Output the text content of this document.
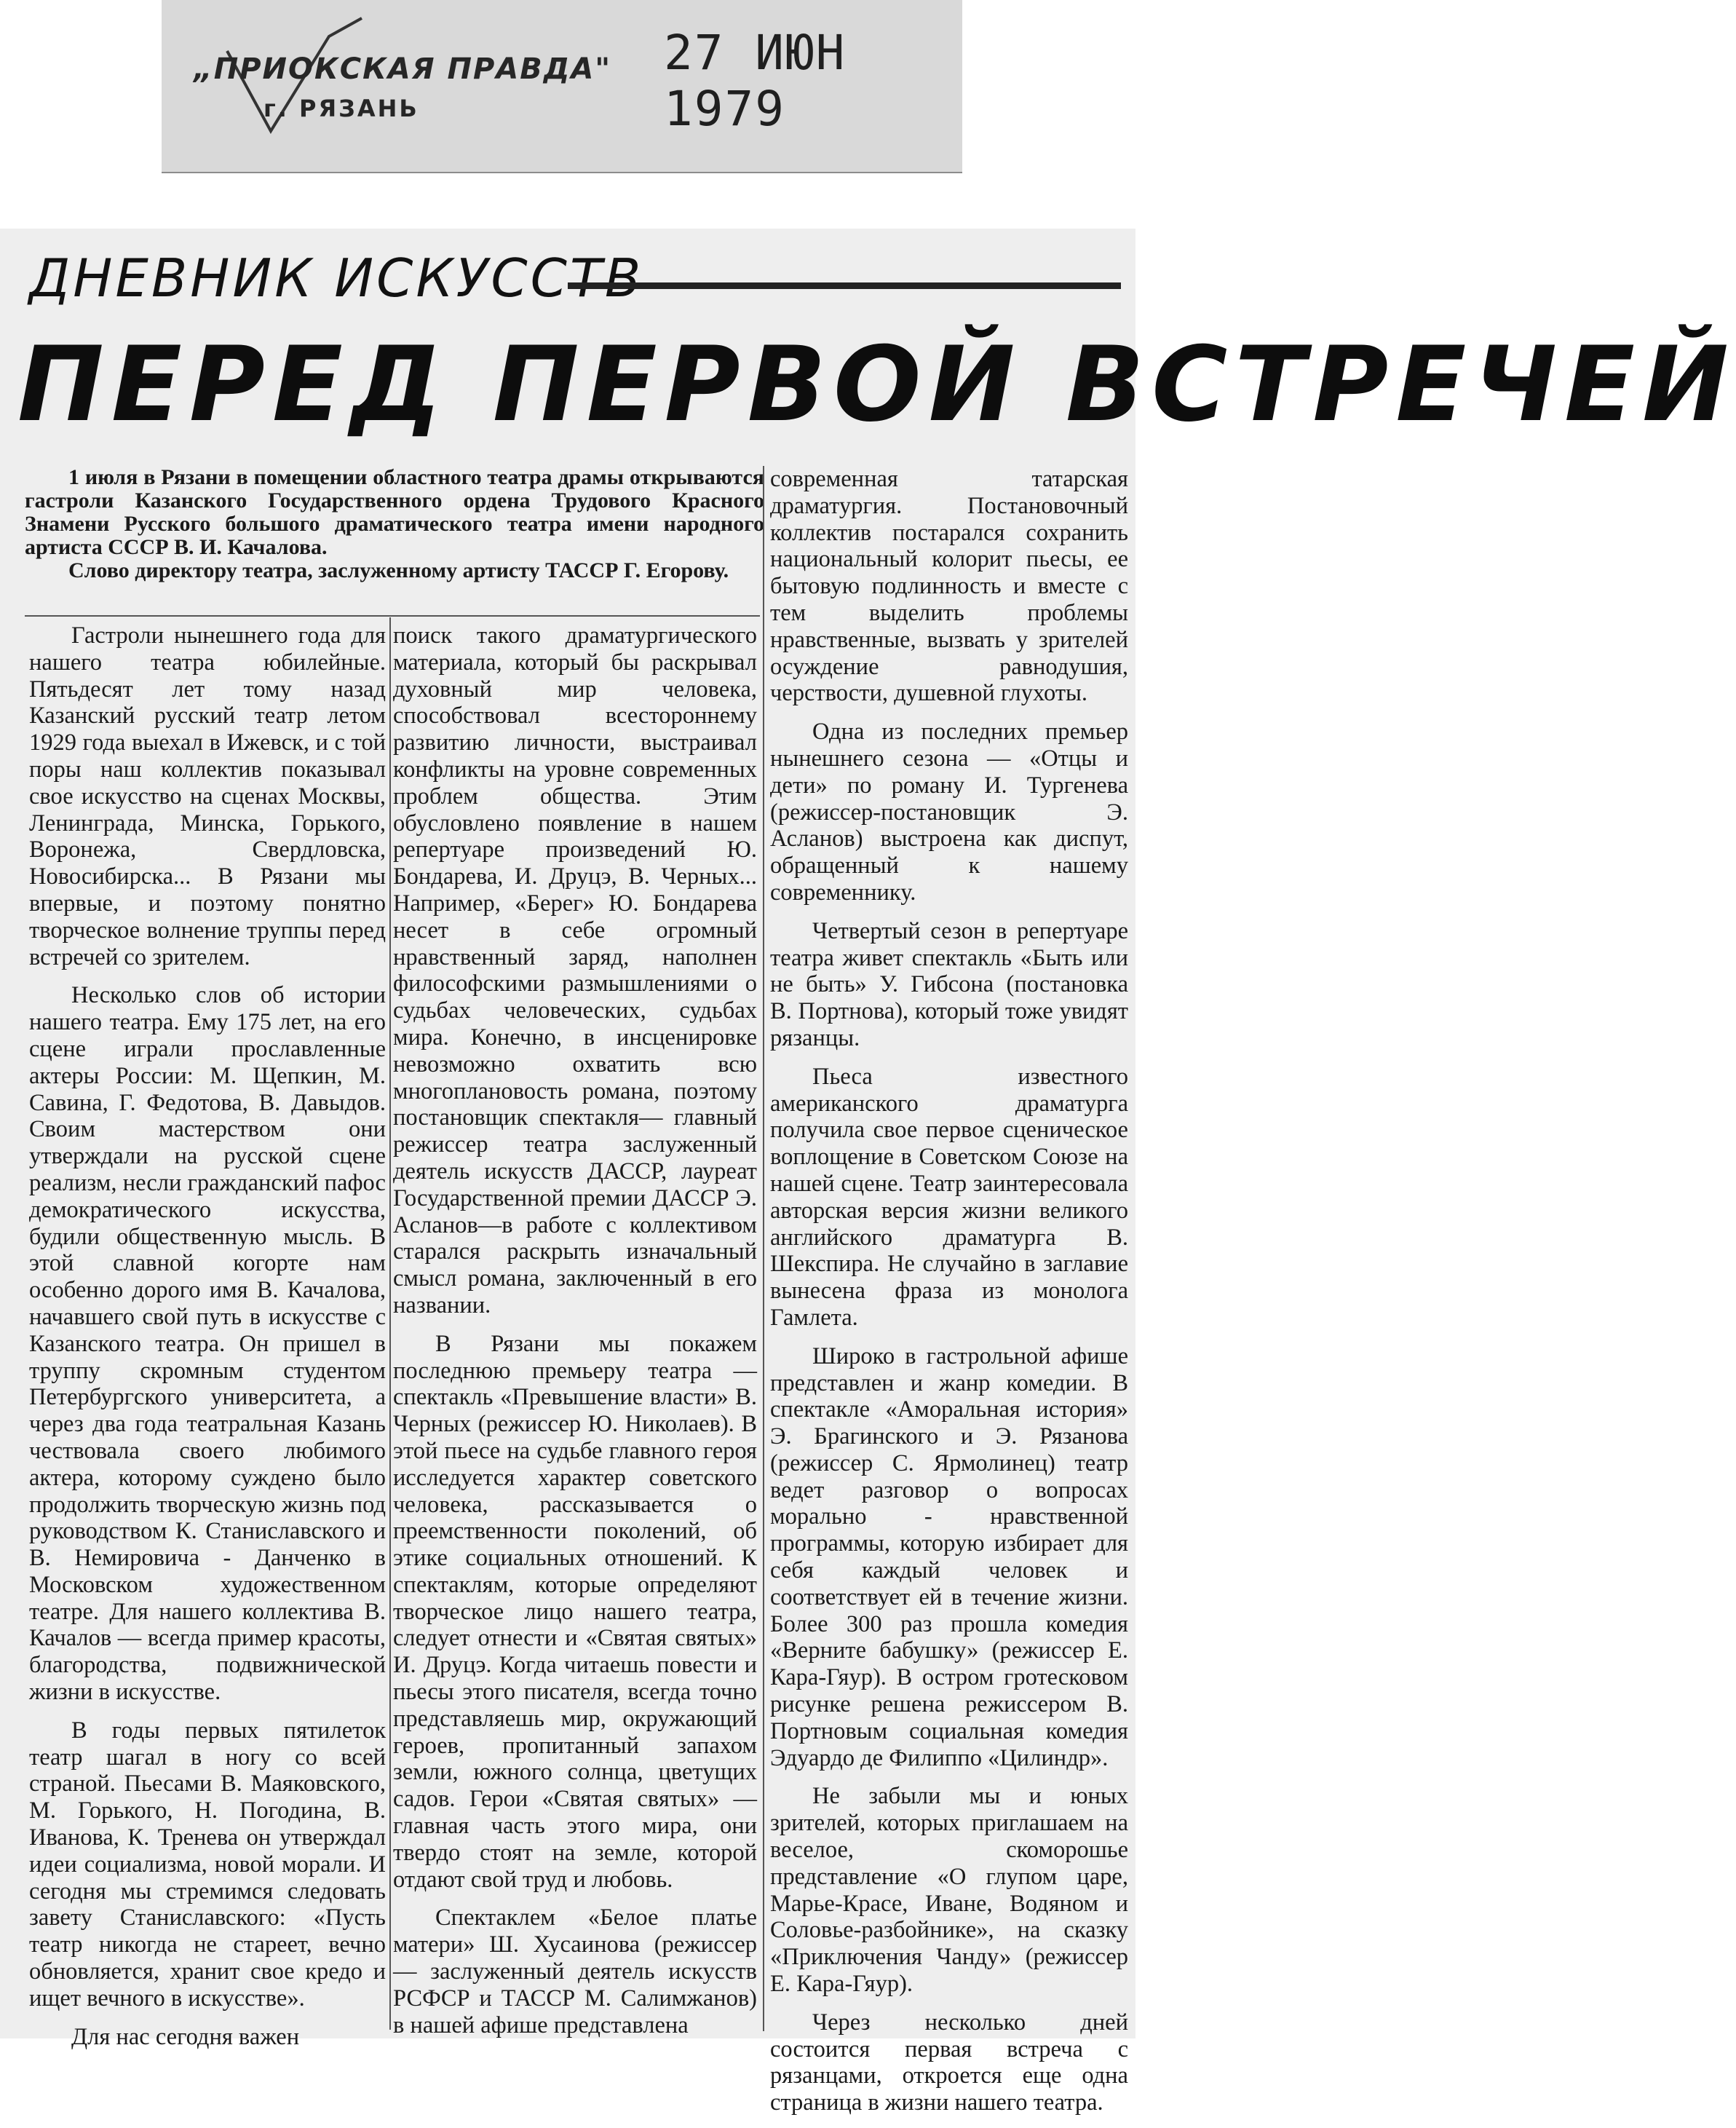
„ПРИОКСКАЯ ПРАВДА"
г. РЯЗАНЬ
27 ИЮН 1979
ДНЕВНИК ИСКУССТВ
ПЕРЕД ПЕРВОЙ ВСТРЕЧЕЙ

1 июля в Рязани в помещении областного театра драмы открываются гастроли Казанского Государственного ордена Трудового Красного Знамени Русского большого драматического театра имени народного артиста СССР В. И. Качалова.

Слово директору театра, заслуженному артисту ТАССР Г. Егорову.

Гастроли нынешнего года для нашего театра юбилейные. Пятьдесят лет тому назад Казанский русский театр летом 1929 года выехал в Ижевск, и с той поры наш коллектив показывал свое искусство на сценах Москвы, Ленинграда, Минска, Горького, Воронежа, Свердловска, Новосибирска... В Рязани мы впервые, и поэтому понятно творческое волнение труппы перед встречей со зрителем.

Несколько слов об истории нашего театра. Ему 175 лет, на его сцене играли прославленные актеры России: М. Щепкин, М. Савина, Г. Федотова, В. Давыдов. Своим мастерством они утверждали на русской сцене реализм, несли гражданский пафос демократического искусства, будили общественную мысль. В этой славной когорте нам особенно дорого имя В. Качалова, начавшего свой путь в искусстве с Казанского театра. Он пришел в труппу скромным студентом Петербургского университета, а через два года театральная Казань чествовала своего любимого актера, которому суждено было продолжить творческую жизнь под руководством К. Станиславского и В. Немировича - Данченко в Московском художественном театре. Для нашего коллектива В. Качалов — всегда пример красоты, благородства, подвижнической жизни в искусстве.

В годы первых пятилеток театр шагал в ногу со всей страной. Пьесами В. Маяковского, М. Горького, Н. Погодина, В. Иванова, К. Тренева он утверждал идеи социализма, новой морали. И сегодня мы стремимся следовать завету Станиславского: «Пусть театр никогда не стареет, вечно обновляется, хранит свое кредо и ищет вечного в искусстве».

Для нас сегодня важен

поиск такого драматургического материала, который бы раскрывал духовный мир человека, способствовал всестороннему развитию личности, выстраивал конфликты на уровне современных проблем общества. Этим обусловлено появление в нашем репертуаре произведений Ю. Бондарева, И. Друцэ, В. Черных... Например, «Берег» Ю. Бондарева несет в себе огромный нравственный заряд, наполнен философскими размышлениями о судьбах человеческих, судьбах мира. Конечно, в инсценировке невозможно охватить всю многоплановость романа, поэтому постановщик спектакля— главный режиссер театра заслуженный деятель искусств ДАССР, лауреат Государственной премии ДАССР Э. Асланов—в работе с коллективом старался раскрыть изначальный смысл романа, заключенный в его названии.

В Рязани мы покажем последнюю премьеру театра — спектакль «Превышение власти» В. Черных (режиссер Ю. Николаев). В этой пьесе на судьбе главного героя исследуется характер советского человека, рассказывается о преемственности поколений, об этике социальных отношений. К спектаклям, которые определяют творческое лицо нашего театра, следует отнести и «Святая святых» И. Друцэ. Когда читаешь повести и пьесы этого писателя, всегда точно представляешь мир, окружающий героев, пропитанный запахом земли, южного солнца, цветущих садов. Герои «Святая святых» — главная часть этого мира, они твердо стоят на земле, которой отдают свой труд и любовь.

Спектаклем «Белое платье матери» Ш. Хусаинова (режиссер — заслуженный деятель искусств РСФСР и ТАССР М. Салимжанов) в нашей афише представлена

современная татарская драматургия. Постановочный коллектив постарался сохранить национальный колорит пьесы, ее бытовую подлинность и вместе с тем выделить проблемы нравственные, вызвать у зрителей осуждение равнодушия, черствости, душевной глухоты.

Одна из последних премьер нынешнего сезона — «Отцы и дети» по роману И. Тургенева (режиссер-постановщик Э. Асланов) выстроена как диспут, обращенный к нашему современнику.

Четвертый сезон в репертуаре театра живет спектакль «Быть или не быть» У. Гибсона (постановка В. Портнова), который тоже увидят рязанцы.

Пьеса известного американского драматурга получила свое первое сценическое воплощение в Советском Союзе на нашей сцене. Театр заинтересовала авторская версия жизни великого английского драматурга В. Шекспира. Не случайно в заглавие вынесена фраза из монолога Гамлета.

Широко в гастрольной афише представлен и жанр комедии. В спектакле «Аморальная история» Э. Брагинского и Э. Рязанова (режиссер С. Ярмолинец) театр ведет разговор о вопросах морально - нравственной программы, которую избирает для себя каждый человек и соответствует ей в течение жизни. Более 300 раз прошла комедия «Верните бабушку» (режиссер Е. Кара-Гяур). В остром гротесковом рисунке решена режиссером В. Портновым социальная комедия Эдуардо де Филиппо «Цилиндр».

Не забыли мы и юных зрителей, которых приглашаем на веселое, скоморошье представление «О глупом царе, Марье-Красе, Иване, Водяном и Соловье-разбойнике», на сказку «Приключения Чанду» (режиссер Е. Кара-Гяур).

Через несколько дней состоится первая встреча с рязанцами, откроется еще одна страница в жизни нашего театра.
